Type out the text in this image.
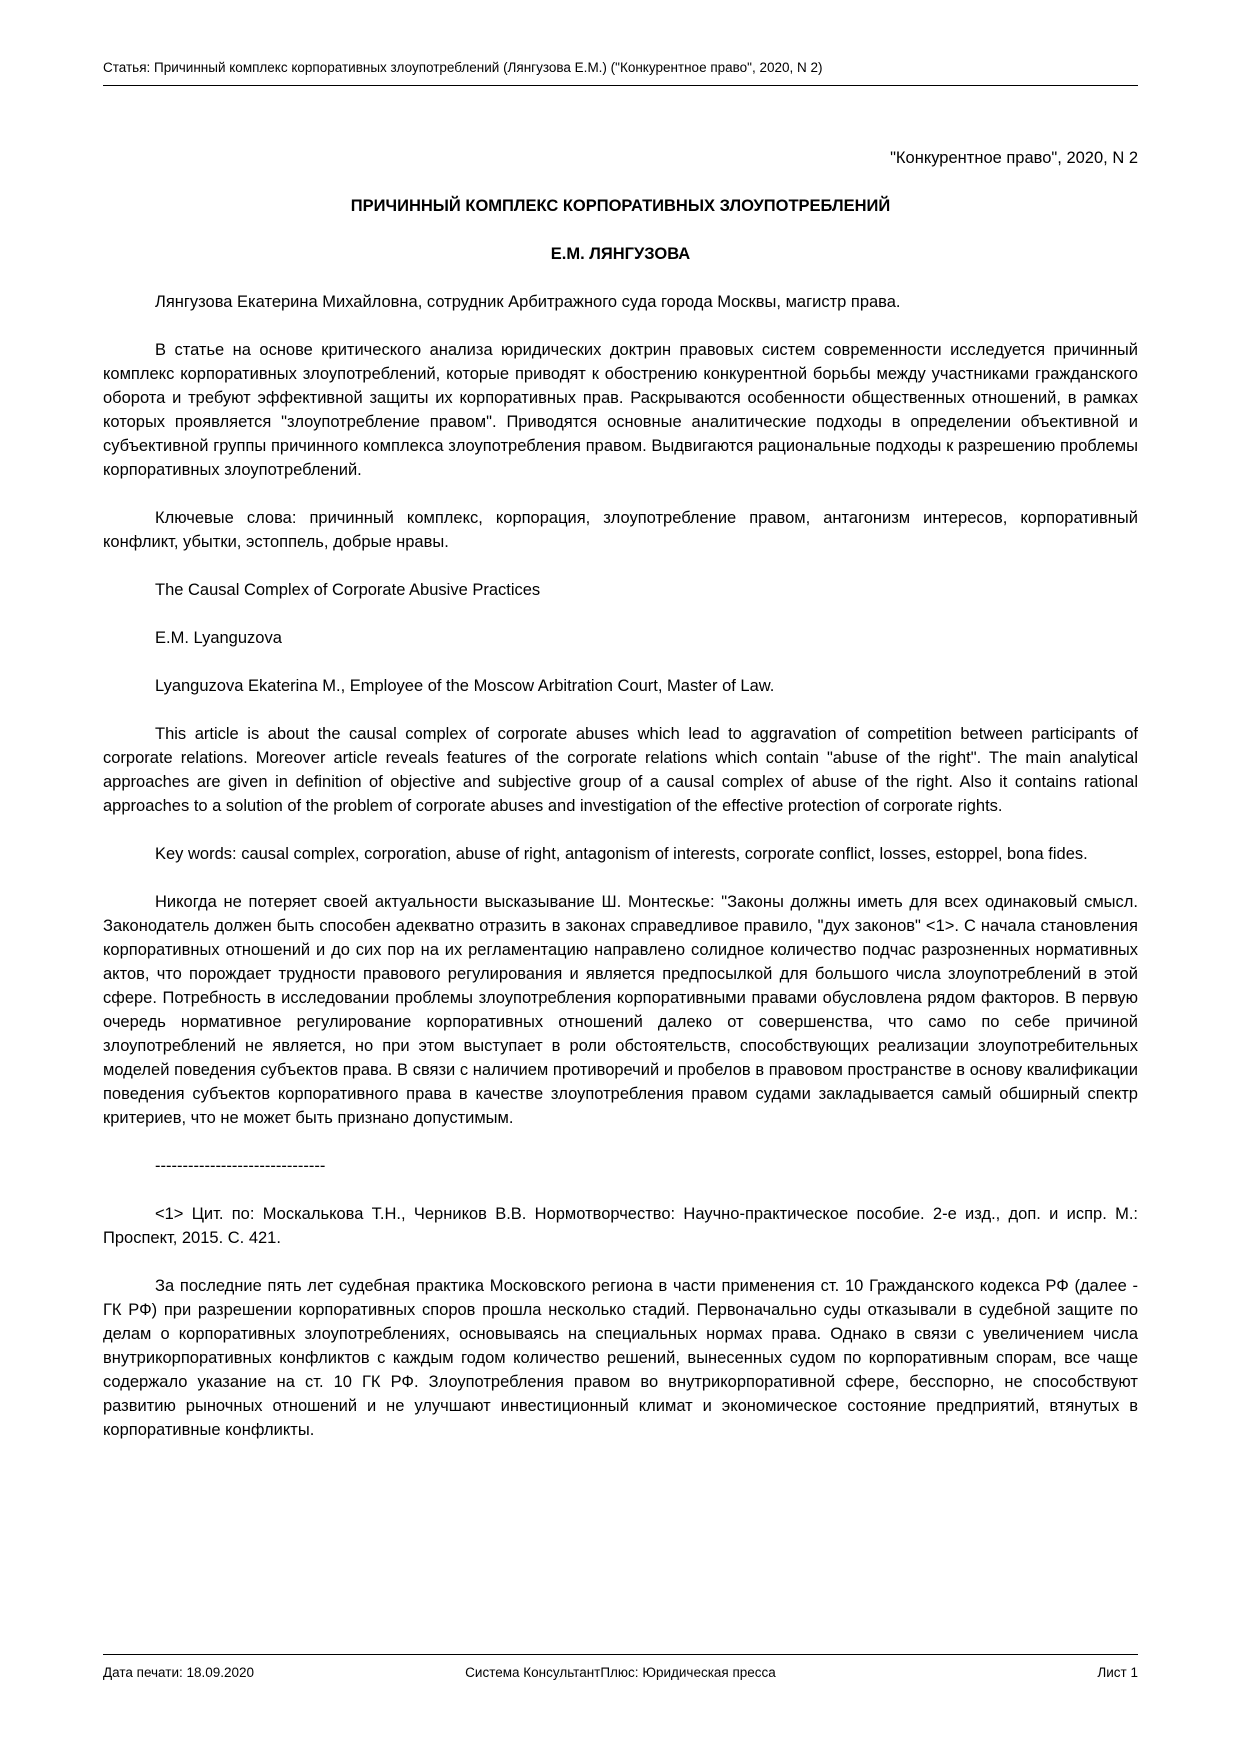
Статья: Причинный комплекс корпоративных злоупотреблений (Лянгузова Е.М.) ("Конкурентное право", 2020, N 2)

"Конкурентное право", 2020, N 2

ПРИЧИННЫЙ КОМПЛЕКС КОРПОРАТИВНЫХ ЗЛОУПОТРЕБЛЕНИЙ

Е.М. ЛЯНГУЗОВА

Лянгузова Екатерина Михайловна, сотрудник Арбитражного суда города Москвы, магистр права.

В статье на основе критического анализа юридических доктрин правовых систем современности исследуется причинный комплекс корпоративных злоупотреблений, которые приводят к обострению конкурентной борьбы между участниками гражданского оборота и требуют эффективной защиты их корпоративных прав. Раскрываются особенности общественных отношений, в рамках которых проявляется "злоупотребление правом". Приводятся основные аналитические подходы в определении объективной и субъективной группы причинного комплекса злоупотребления правом. Выдвигаются рациональные подходы к разрешению проблемы корпоративных злоупотреблений.

Ключевые слова: причинный комплекс, корпорация, злоупотребление правом, антагонизм интересов, корпоративный конфликт, убытки, эстоппель, добрые нравы.

The Causal Complex of Corporate Abusive Practices

E.M. Lyanguzova

Lyanguzova Ekaterina M., Employee of the Moscow Arbitration Court, Master of Law.

This article is about the causal complex of corporate abuses which lead to aggravation of competition between participants of corporate relations. Moreover article reveals features of the corporate relations which contain "abuse of the right". The main analytical approaches are given in definition of objective and subjective group of a causal complex of abuse of the right. Also it contains rational approaches to a solution of the problem of corporate abuses and investigation of the effective protection of corporate rights.

Key words: causal complex, corporation, abuse of right, antagonism of interests, corporate conflict, losses, estoppel, bona fides.

Никогда не потеряет своей актуальности высказывание Ш. Монтескье: "Законы должны иметь для всех одинаковый смысл. Законодатель должен быть способен адекватно отразить в законах справедливое правило, "дух законов" <1>. С начала становления корпоративных отношений и до сих пор на их регламентацию направлено солидное количество подчас разрозненных нормативных актов, что порождает трудности правового регулирования и является предпосылкой для большого числа злоупотреблений в этой сфере. Потребность в исследовании проблемы злоупотребления корпоративными правами обусловлена рядом факторов. В первую очередь нормативное регулирование корпоративных отношений далеко от совершенства, что само по себе причиной злоупотреблений не является, но при этом выступает в роли обстоятельств, способствующих реализации злоупотребительных моделей поведения субъектов права. В связи с наличием противоречий и пробелов в правовом пространстве в основу квалификации поведения субъектов корпоративного права в качестве злоупотребления правом судами закладывается самый обширный спектр критериев, что не может быть признано допустимым.

-------------------------------

<1> Цит. по: Москалькова Т.Н., Черников В.В. Нормотворчество: Научно-практическое пособие. 2-е изд., доп. и испр. М.: Проспект, 2015. С. 421.

За последние пять лет судебная практика Московского региона в части применения ст. 10 Гражданского кодекса РФ (далее - ГК РФ) при разрешении корпоративных споров прошла несколько стадий. Первоначально суды отказывали в судебной защите по делам о корпоративных злоупотреблениях, основываясь на специальных нормах права. Однако в связи с увеличением числа внутрикорпоративных конфликтов с каждым годом количество решений, вынесенных судом по корпоративным спорам, все чаще содержало указание на ст. 10 ГК РФ. Злоупотребления правом во внутрикорпоративной сфере, бесспорно, не способствуют развитию рыночных отношений и не улучшают инвестиционный климат и экономическое состояние предприятий, втянутых в корпоративные конфликты.

Дата печати: 18.09.2020	Система КонсультантПлюс: Юридическая пресса	Лист 1
